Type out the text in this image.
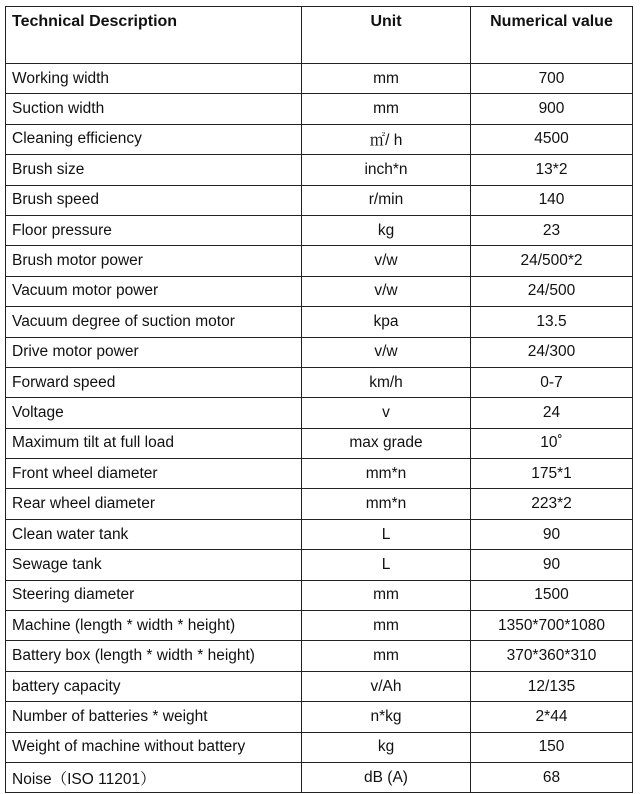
Technical Description	Unit	Numerical value
Working width	mm	700
Suction width	mm	900
Cleaning efficiency	㎡/ h	4500
Brush size	inch*n	13*2
Brush speed	r/min	140
Floor pressure	kg	23
Brush motor power	v/w	24/500*2
Vacuum motor power	v/w	24/500
Vacuum degree of suction motor	kpa	13.5
Drive motor power	v/w	24/300
Forward speed	km/h	0-7
Voltage	v	24
Maximum tilt at full load	max grade	10˚
Front wheel diameter	mm*n	175*1
Rear wheel diameter	mm*n	223*2
Clean water tank	L	90
Sewage tank	L	90
Steering diameter	mm	1500
Machine (length * width * height)	mm	1350*700*1080
Battery box (length * width * height)	mm	370*360*310
battery capacity	v/Ah	12/135
Number of batteries * weight	n*kg	2*44
Weight of machine without battery	kg	150
Noise（ISO 11201）	dB (A)	68
